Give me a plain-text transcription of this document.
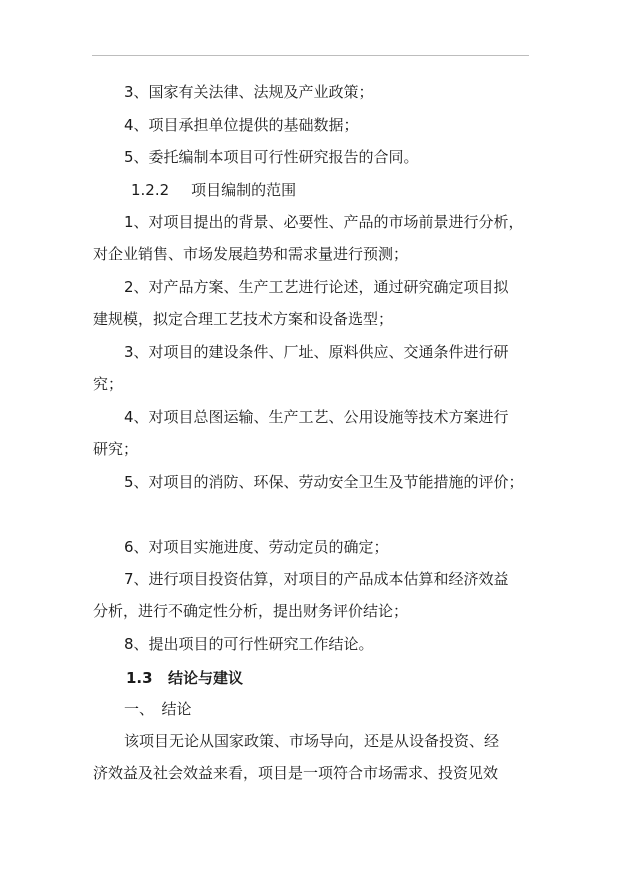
3、国家有关法律、法规及产业政策；
4、项目承担单位提供的基础数据；
5、委托编制本项目可行性研究报告的合同。
1.2.2 项目编制的范围
1、对项目提出的背景、必要性、产品的市场前景进行分析，
对企业销售、市场发展趋势和需求量进行预测；
2、对产品方案、生产工艺进行论述，通过研究确定项目拟
建规模，拟定合理工艺技术方案和设备选型；
3、对项目的建设条件、厂址、原料供应、交通条件进行研
究；
4、对项目总图运输、生产工艺、公用设施等技术方案进行
研究；
5、对项目的消防、环保、劳动安全卫生及节能措施的评价；
6、对项目实施进度、劳动定员的确定；
7、进行项目投资估算，对项目的产品成本估算和经济效益
分析，进行不确定性分析，提出财务评价结论；
8、提出项目的可行性研究工作结论。
1.3 结论与建议
一、　结论
该项目无论从国家政策、市场导向，还是从设备投资、经
济效益及社会效益来看，项目是一项符合市场需求、投资见效
